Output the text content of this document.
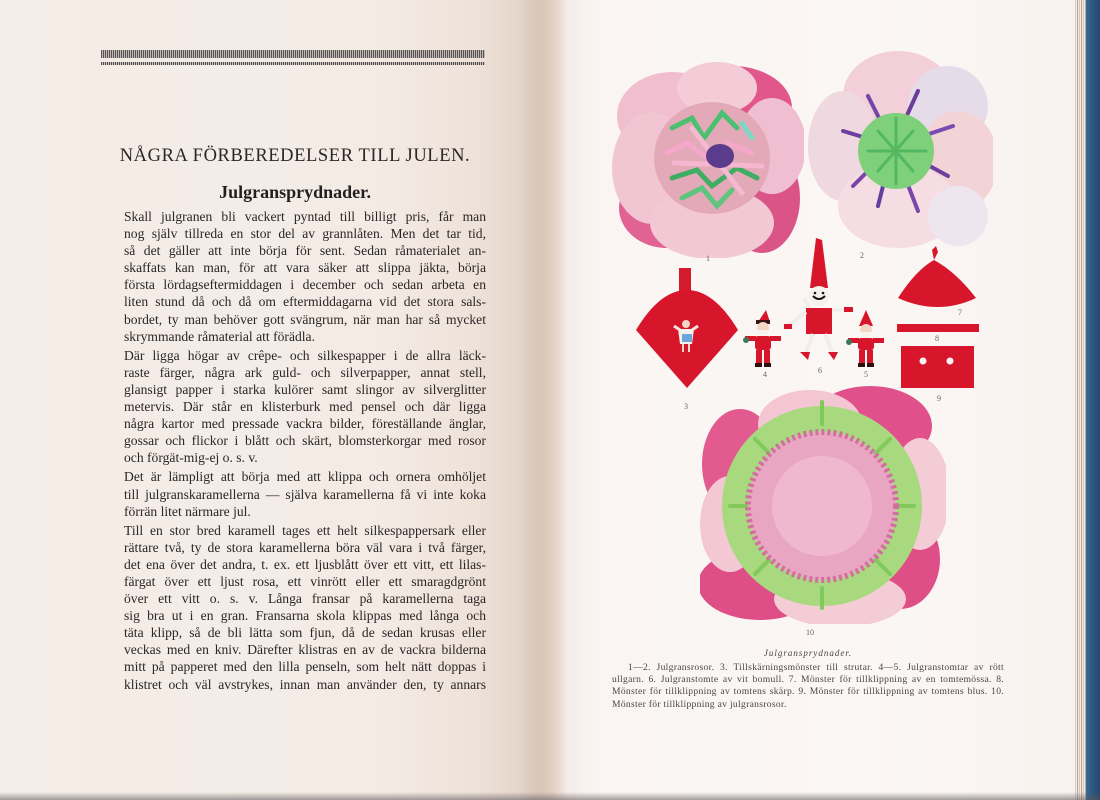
NÅGRA FÖRBEREDELSER TILL JULEN.
Julgransprydnader.

Skall julgranen bli vackert pyntad till billigt pris, får man
nog själv tillreda en stor del av grannlåten. Men det tar tid,
så det gäller att inte börja för sent. Sedan råmaterialet an-
skaffats kan man, för att vara säker att slippa jäkta, börja
första lördagseftermiddagen i december och sedan arbeta en
liten stund då och då om eftermiddagarna vid det stora sals-
bordet, ty man behöver gott svängrum, när man har så mycket
skrymmande råmaterial att förädla.

Där ligga högar av crêpe- och silkespapper i de allra läck-
raste färger, några ark guld- och silverpapper, annat stell,
glansigt papper i starka kulörer samt slingor av silverglitter
metervis. Där står en klisterburk med pensel och där ligga
några kartor med pressade vackra bilder, föreställande änglar,
gossar och flickor i blått och skärt, blomsterkorgar med rosor
och förgät-mig-ej o. s. v.

Det är lämpligt att börja med att klippa och ornera omhöljet
till julgranskaramellerna — själva karamellerna få vi inte koka
förrän litet närmare jul.

Till en stor bred karamell tages ett helt silkespappersark eller
rättare två, ty de stora karamellerna böra väl vara i två färger,
det ena över det andra, t. ex. ett ljusblått över ett vitt, ett lilas-
färgat över ett ljust rosa, ett vinrött eller ett smaragdgrönt
över ett vitt o. s. v. Långa fransar på karamellerna taga
sig bra ut i en gran. Fransarna skola klippas med långa och
täta klipp, så de bli lätta som fjun, då de sedan krusas eller
veckas med en kniv. Därefter klistras en av de vackra bilderna
mitt på papperet med den lilla penseln, som helt nätt doppas i
klistret och väl avstrykes, innan man använder den, ty annars

1	2
3
4	6	5
7
8
9
10
Julgransprydnader.
1—2. Julgransrosor. 3. Tillskärningsmönster till strutar. 4—5. Julgranstomtar av rött ullgarn. 6. Julgranstomte av vit bomull. 7. Mönster för tillklippning av en tomtemössa. 8. Mönster för tillklippning av tomtens skärp. 9. Mönster för tillklippning av tomtens blus. 10. Mönster för tillklippning av julgransrosor.
